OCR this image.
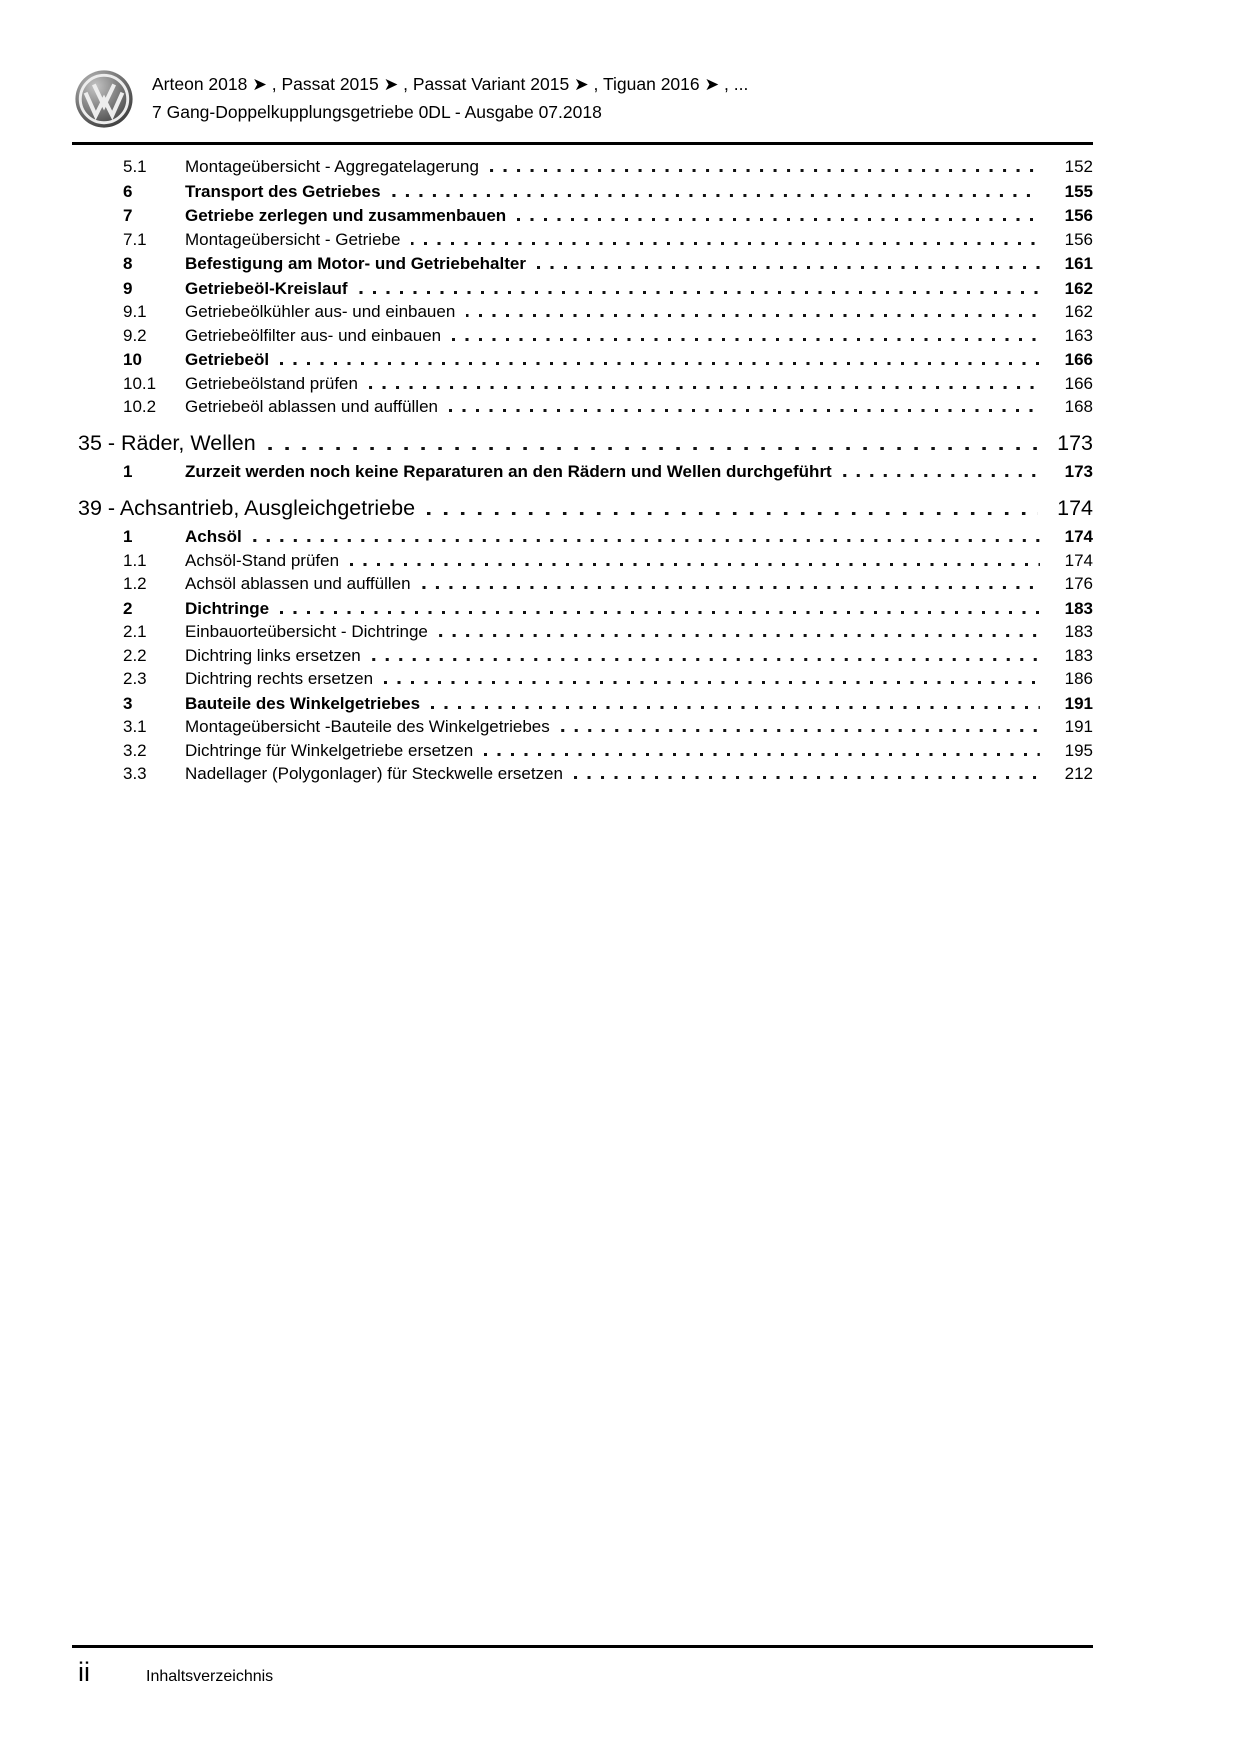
Arteon 2018 ➤ , Passat 2015 ➤ , Passat Variant 2015 ➤ , Tiguan 2016 ➤ , ...
7 Gang-Doppelkupplungsgetriebe 0DL - Ausgabe 07.2018
5.1	Montageübersicht - Aggregatelagerung	152
6	Transport des Getriebes	155
7	Getriebe zerlegen und zusammenbauen	156
7.1	Montageübersicht - Getriebe	156
8	Befestigung am Motor- und Getriebehalter	161
9	Getriebeöl-Kreislauf	162
9.1	Getriebeölkühler aus- und einbauen	162
9.2	Getriebeölfilter aus- und einbauen	163
10	Getriebeöl	166
10.1	Getriebeölstand prüfen	166
10.2	Getriebeöl ablassen und auffüllen	168
35 - Räder, Wellen	173
1	Zurzeit werden noch keine Reparaturen an den Rädern und Wellen durchgeführt	173
39 - Achsantrieb, Ausgleichgetriebe	174
1	Achsöl	174
1.1	Achsöl-Stand prüfen	174
1.2	Achsöl ablassen und auffüllen	176
2	Dichtringe	183
2.1	Einbauorteübersicht - Dichtringe	183
2.2	Dichtring links ersetzen	183
2.3	Dichtring rechts ersetzen	186
3	Bauteile des Winkelgetriebes	191
3.1	Montageübersicht -Bauteile des Winkelgetriebes	191
3.2	Dichtringe für Winkelgetriebe ersetzen	195
3.3	Nadellager (Polygonlager) für Steckwelle ersetzen	212
ii	Inhaltsverzeichnis
